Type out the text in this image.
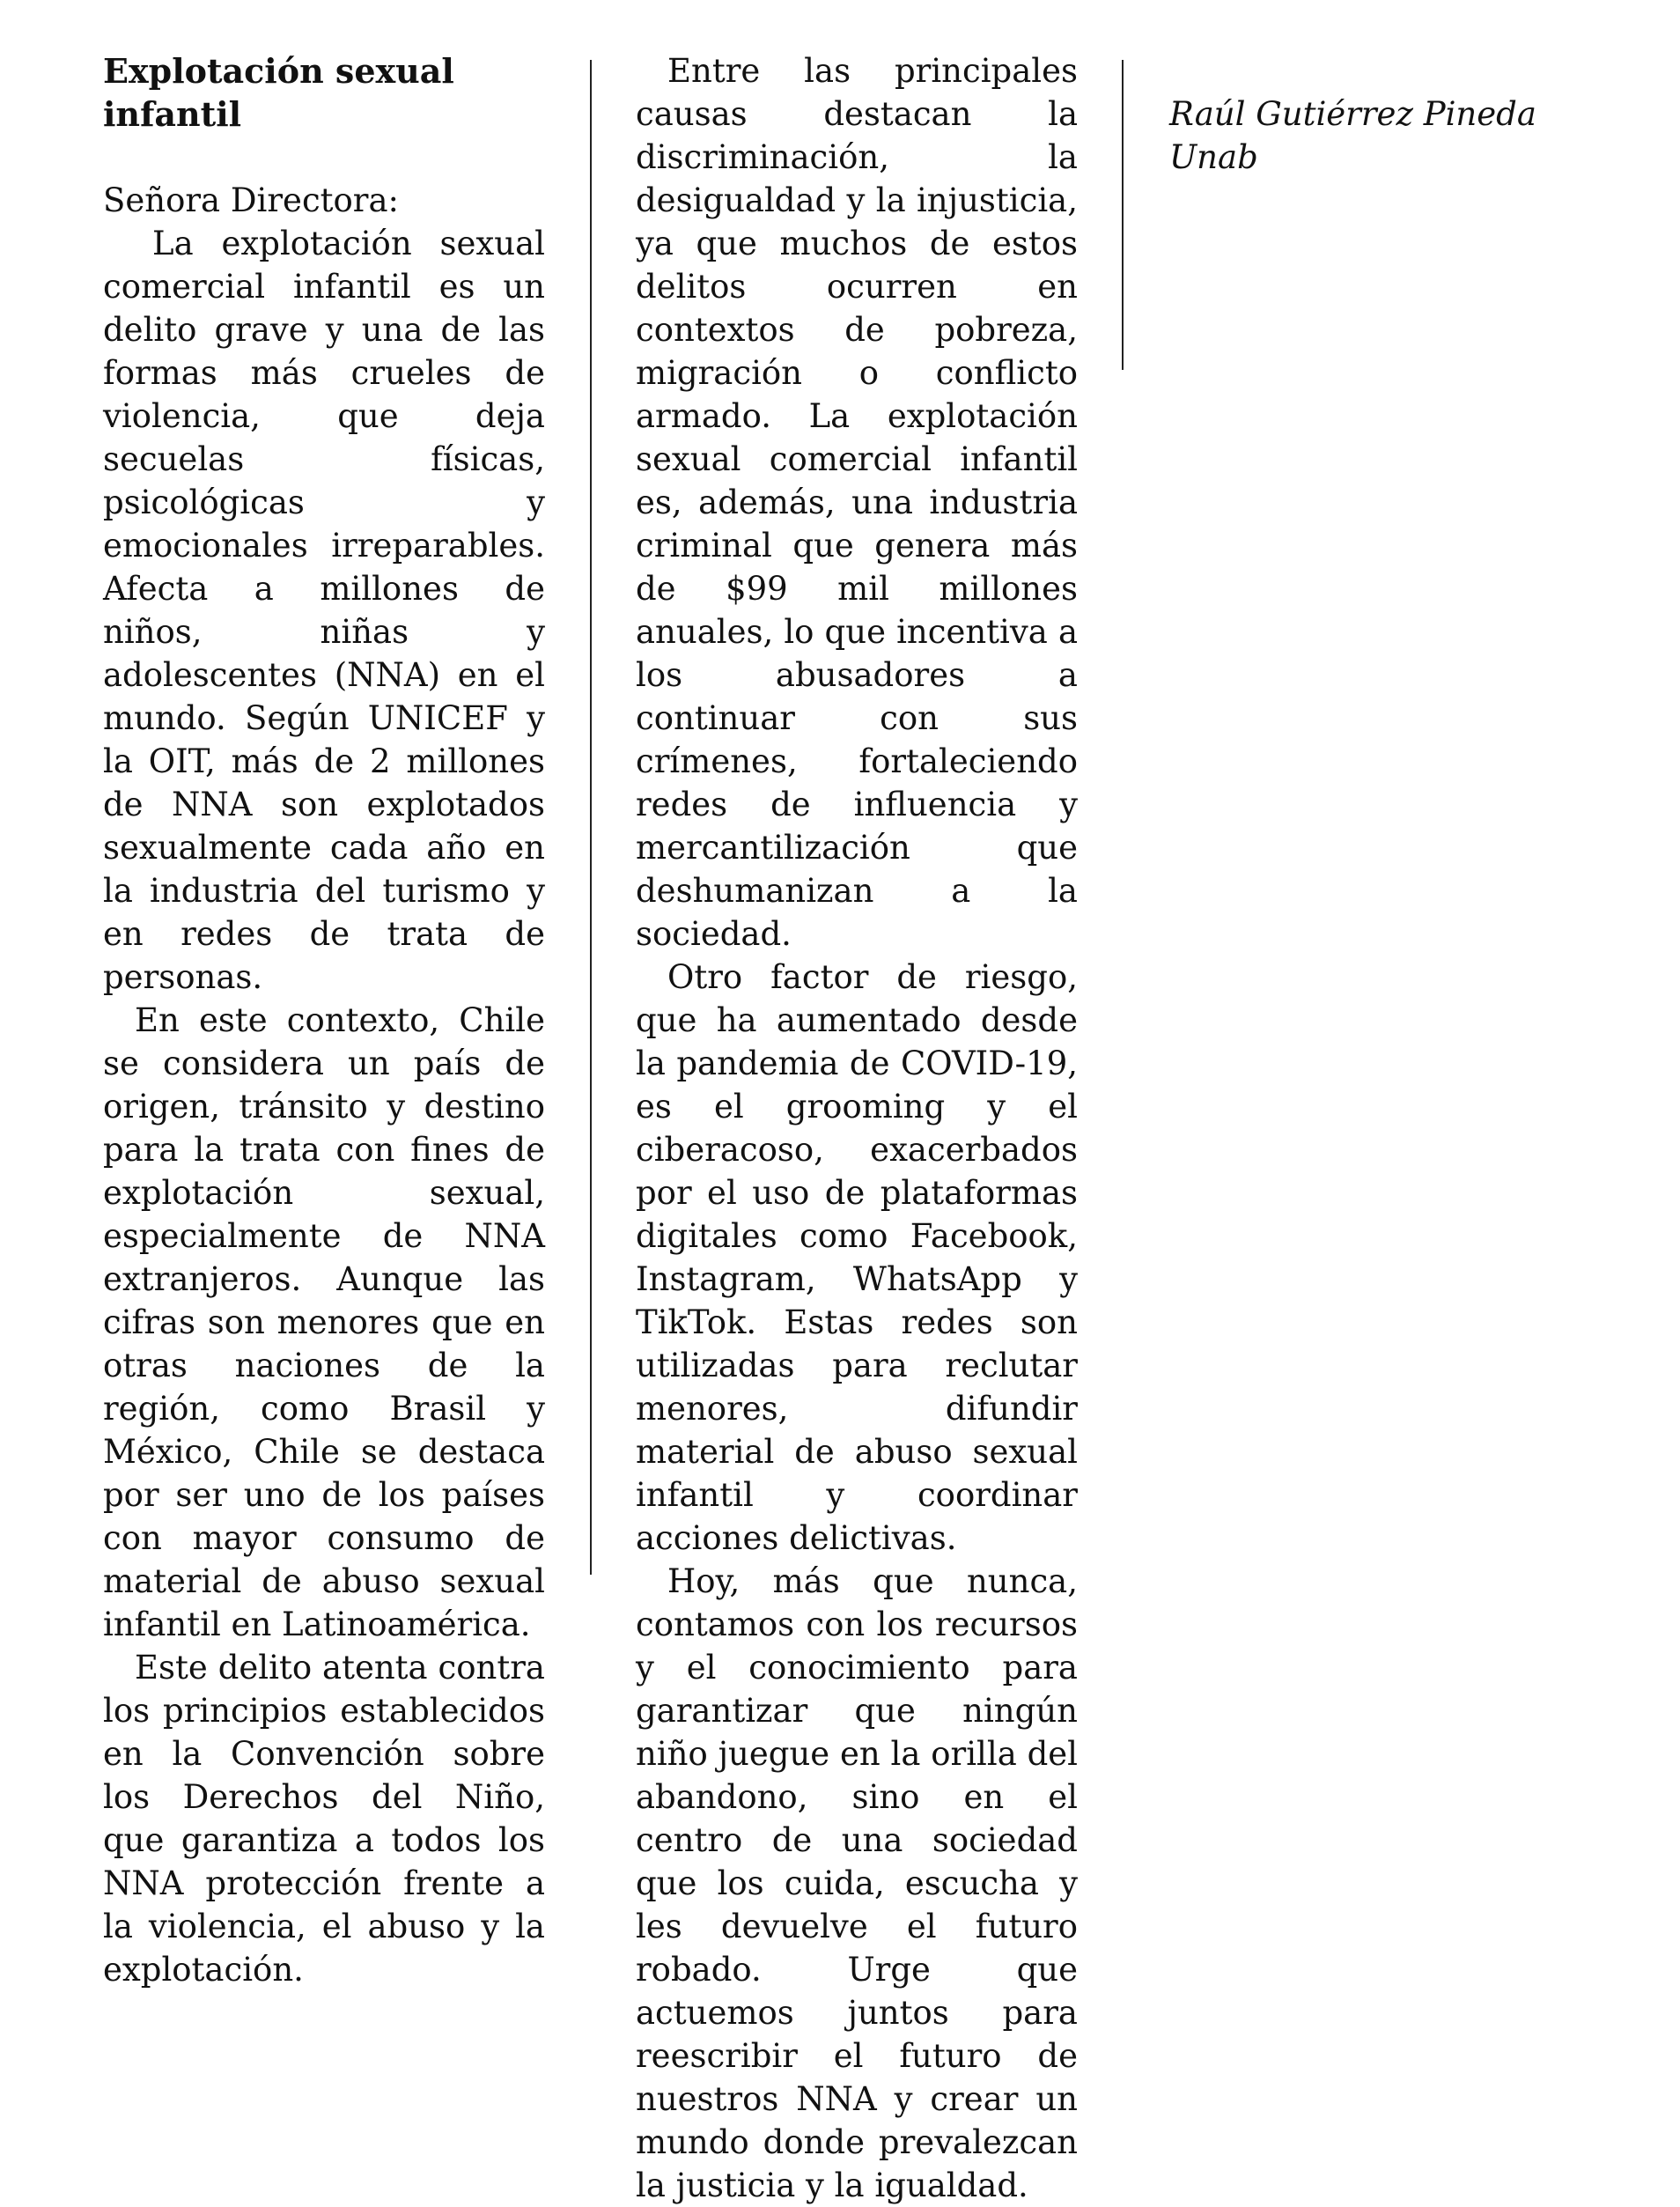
Explotación sexual infantil

Señora Directora:

La explotación sexual comercial infantil es un delito grave y una de las formas más crueles de violencia, que deja secuelas físicas, psicológicas y emocionales irreparables. Afecta a millones de niños, niñas y adolescentes (NNA) en el mundo. Según UNICEF y la OIT, más de 2 millones de NNA son explotados sexualmente cada año en la industria del turismo y en redes de trata de personas.

En este contexto, Chile se considera un país de origen, tránsito y destino para la trata con fines de explotación sexual, especialmente de NNA extranjeros. Aunque las cifras son menores que en otras naciones de la región, como Brasil y México, Chile se destaca por ser uno de los países con mayor consumo de material de abuso sexual infantil en Latinoamérica.

Este delito atenta contra los principios establecidos en la Convención sobre los Derechos del Niño, que garantiza a todos los NNA protección frente a la violencia, el abuso y la explotación.

Entre las principales causas destacan la discriminación, la desigualdad y la injusticia, ya que muchos de estos delitos ocurren en contextos de pobreza, migración o conflicto armado. La explotación sexual comercial infantil es, además, una industria criminal que genera más de $99 mil millones anuales, lo que incentiva a los abusadores a continuar con sus crímenes, fortaleciendo redes de influencia y mercantilización que deshumanizan a la sociedad.

Otro factor de riesgo, que ha aumentado desde la pandemia de COVID-19, es el grooming y el ciberacoso, exacerbados por el uso de plataformas digitales como Facebook, Instagram, WhatsApp y TikTok. Estas redes son utilizadas para reclutar menores, difundir material de abuso sexual infantil y coordinar acciones delictivas.

Hoy, más que nunca, contamos con los recursos y el conocimiento para garantizar que ningún niño juegue en la orilla del abandono, sino en el centro de una sociedad que los cuida, escucha y les devuelve el futuro robado. Urge que actuemos juntos para reescribir el futuro de nuestros NNA y crear un mundo donde prevalezcan la justicia y la igualdad.

Raúl Gutiérrez Pineda
Unab
